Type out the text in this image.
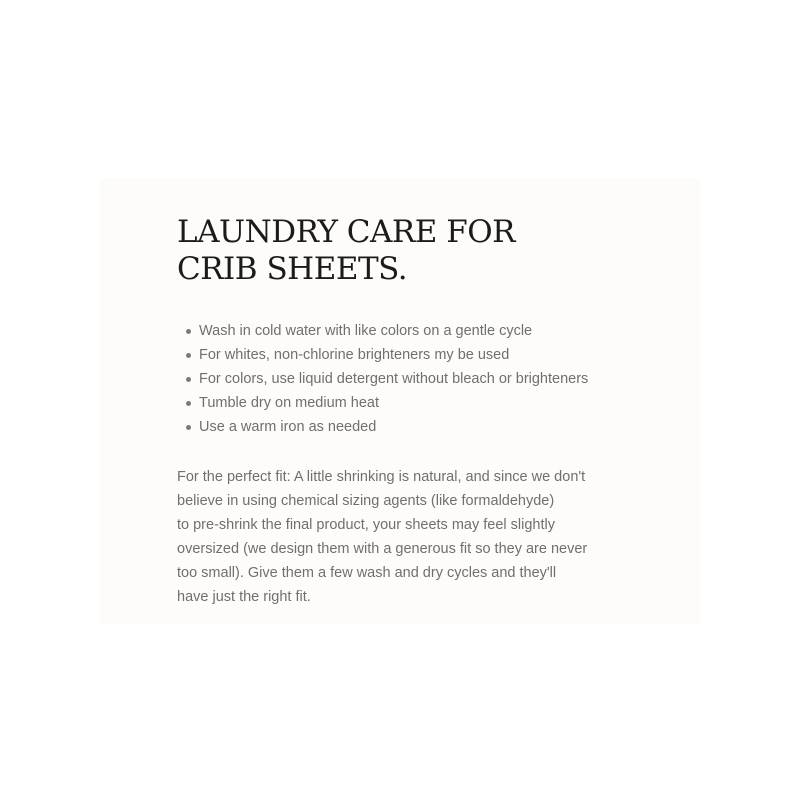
LAUNDRY CARE FOR
CRIB SHEETS.
Wash in cold water with like colors on a gentle cycle
For whites, non-chlorine brighteners my be used
For colors, use liquid detergent without bleach or brighteners
Tumble dry on medium heat
Use a warm iron as needed

For the perfect fit: A little shrinking is natural, and since we don't
believe in using chemical sizing agents (like formaldehyde)
to pre-shrink the final product, your sheets may feel slightly
oversized (we design them with a generous fit so they are never
too small). Give them a few wash and dry cycles and they'll
have just the right fit.
